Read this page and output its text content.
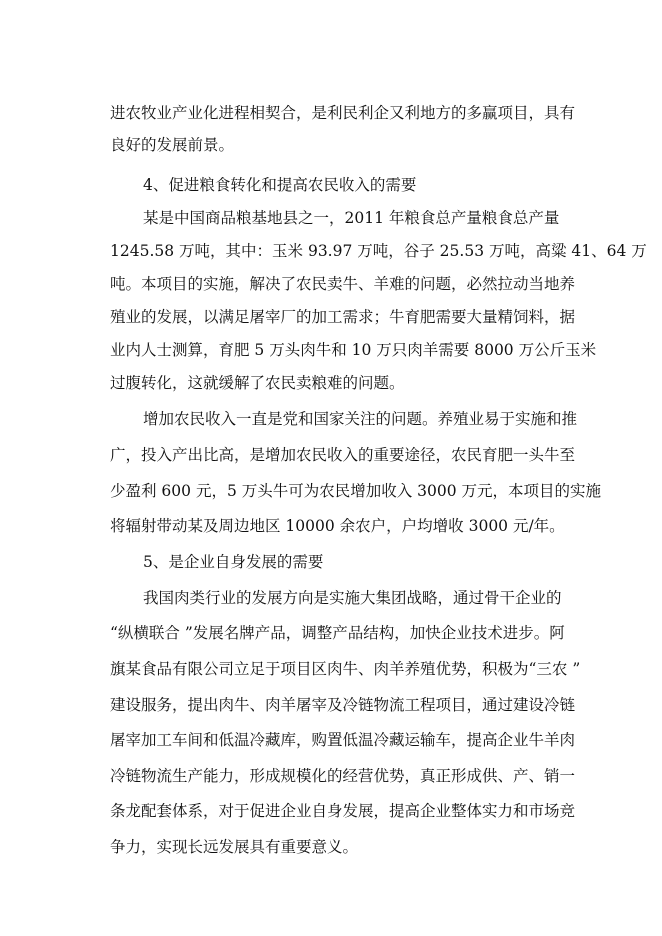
进农牧业产业化进程相契合，是利民利企又利地方的多赢项目，具有
良好的发展前景。
4、促进粮食转化和提高农民收入的需要
某是中国商品粮基地县之一，2011 年粮食总产量粮食总产量
1245.58 万吨，其中：玉米 93.97 万吨，谷子 25.53 万吨，高粱 41、64 万
吨。本项目的实施，解决了农民卖牛、羊难的问题，必然拉动当地养
殖业的发展，以满足屠宰厂的加工需求；牛育肥需要大量精饲料，据
业内人士测算，育肥 5 万头肉牛和 10 万只肉羊需要 8000 万公斤玉米
过腹转化，这就缓解了农民卖粮难的问题。
增加农民收入一直是党和国家关注的问题。养殖业易于实施和推
广，投入产出比高，是增加农民收入的重要途径，农民育肥一头牛至
少盈利 600 元，5 万头牛可为农民增加收入 3000 万元，本项目的实施
将辐射带动某及周边地区 10000 余农户，户均增收 3000 元/年。
5、是企业自身发展的需要
我国肉类行业的发展方向是实施大集团战略，通过骨干企业的
“纵横联合 ”发展名牌产品，调整产品结构，加快企业技术进步。阿
旗某食品有限公司立足于项目区肉牛、肉羊养殖优势，积极为“三农 ”
建设服务，提出肉牛、肉羊屠宰及冷链物流工程项目，通过建设冷链
屠宰加工车间和低温冷藏库，购置低温冷藏运输车，提高企业牛羊肉
冷链物流生产能力，形成规模化的经营优势，真正形成供、产、销一
条龙配套体系，对于促进企业自身发展，提高企业整体实力和市场竞
争力，实现长远发展具有重要意义。
